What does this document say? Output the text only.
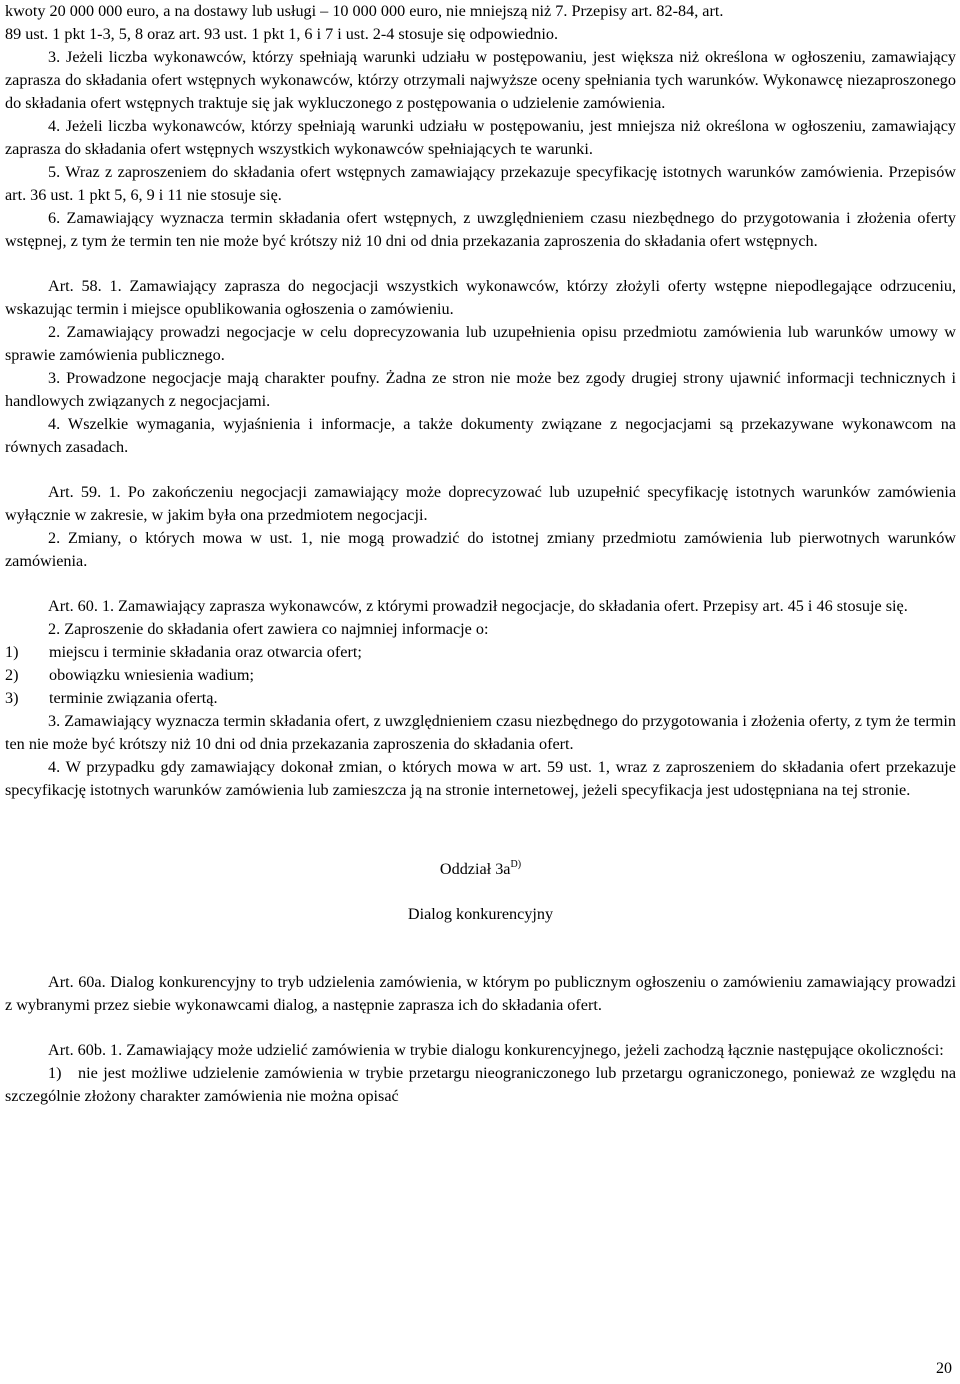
kwoty 20 000 000 euro, a na dostawy lub usługi – 10 000 000 euro, nie mniejszą niż 7. Przepisy art. 82-84, art.

89 ust. 1 pkt 1-3, 5, 8 oraz art. 93 ust. 1 pkt 1, 6 i 7 i ust. 2-4 stosuje się odpowiednio.

3. Jeżeli liczba wykonawców, którzy spełniają warunki udziału w postępowaniu, jest większa niż określona w ogłoszeniu, zamawiający zaprasza do składania ofert wstępnych wykonawców, którzy otrzymali najwyższe oceny spełniania tych warunków. Wykonawcę niezaproszonego do składania ofert wstępnych traktuje się jak wykluczonego z postępowania o udzielenie zamówienia.

4. Jeżeli liczba wykonawców, którzy spełniają warunki udziału w postępowaniu, jest mniejsza niż określona w ogłoszeniu, zamawiający zaprasza do składania ofert wstępnych wszystkich wykonawców spełniających te warunki.

5. Wraz z zaproszeniem do składania ofert wstępnych zamawiający przekazuje specyfikację istotnych warunków zamówienia. Przepisów art. 36 ust. 1 pkt 5, 6, 9 i 11 nie stosuje się.

6. Zamawiający wyznacza termin składania ofert wstępnych, z uwzględnieniem czasu niezbędnego do przygotowania i złożenia oferty wstępnej, z tym że termin ten nie może być krótszy niż 10 dni od dnia przekazania zaproszenia do składania ofert wstępnych.

Art. 58. 1. Zamawiający zaprasza do negocjacji wszystkich wykonawców, którzy złożyli oferty wstępne niepodlegające odrzuceniu, wskazując termin i miejsce opublikowania ogłoszenia o zamówieniu.

2. Zamawiający prowadzi negocjacje w celu doprecyzowania lub uzupełnienia opisu przedmiotu zamówienia lub warunków umowy w sprawie zamówienia publicznego.

3. Prowadzone negocjacje mają charakter poufny. Żadna ze stron nie może bez zgody drugiej strony ujawnić informacji technicznych i handlowych związanych z negocjacjami.

4. Wszelkie wymagania, wyjaśnienia i informacje, a także dokumenty związane z negocjacjami są przekazywane wykonawcom na równych zasadach.

Art. 59. 1. Po zakończeniu negocjacji zamawiający może doprecyzować lub uzupełnić specyfikację istotnych warunków zamówienia wyłącznie w zakresie, w jakim była ona przedmiotem negocjacji.

2. Zmiany, o których mowa w ust. 1, nie mogą prowadzić do istotnej zmiany przedmiotu zamówienia lub pierwotnych warunków zamówienia.

Art. 60. 1. Zamawiający zaprasza wykonawców, z którymi prowadził negocjacje, do składania ofert. Przepisy art. 45 i 46 stosuje się.

2. Zaproszenie do składania ofert zawiera co najmniej informacje o:

1)	miejscu i terminie składania oraz otwarcia ofert;
2)	obowiązku wniesienia wadium;
3)	terminie związania ofertą.

3. Zamawiający wyznacza termin składania ofert, z uwzględnieniem czasu niezbędnego do przygotowania i złożenia oferty, z tym że termin ten nie może być krótszy niż 10 dni od dnia przekazania zaproszenia do składania ofert.

4. W przypadku gdy zamawiający dokonał zmian, o których mowa w art. 59 ust. 1, wraz z zaproszeniem do składania ofert przekazuje specyfikację istotnych warunków zamówienia lub zamieszcza ją na stronie internetowej, jeżeli specyfikacja jest udostępniana na tej stronie.

Oddział $3a^{D)}$

Dialog konkurencyjny

Art. 60a. Dialog konkurencyjny to tryb udzielenia zamówienia, w którym po publicznym ogłoszeniu o zamówieniu zamawiający prowadzi z wybranymi przez siebie wykonawcami dialog, a następnie zaprasza ich do składania ofert.

Art. 60b. 1. Zamawiający może udzielić zamówienia w trybie dialogu konkurencyjnego, jeżeli zachodzą łącznie następujące okoliczności:

1) nie jest możliwe udzielenie zamówienia w trybie przetargu nieograniczonego lub przetargu ograniczonego, ponieważ ze względu na szczególnie złożony charakter zamówienia nie można opisać

20
